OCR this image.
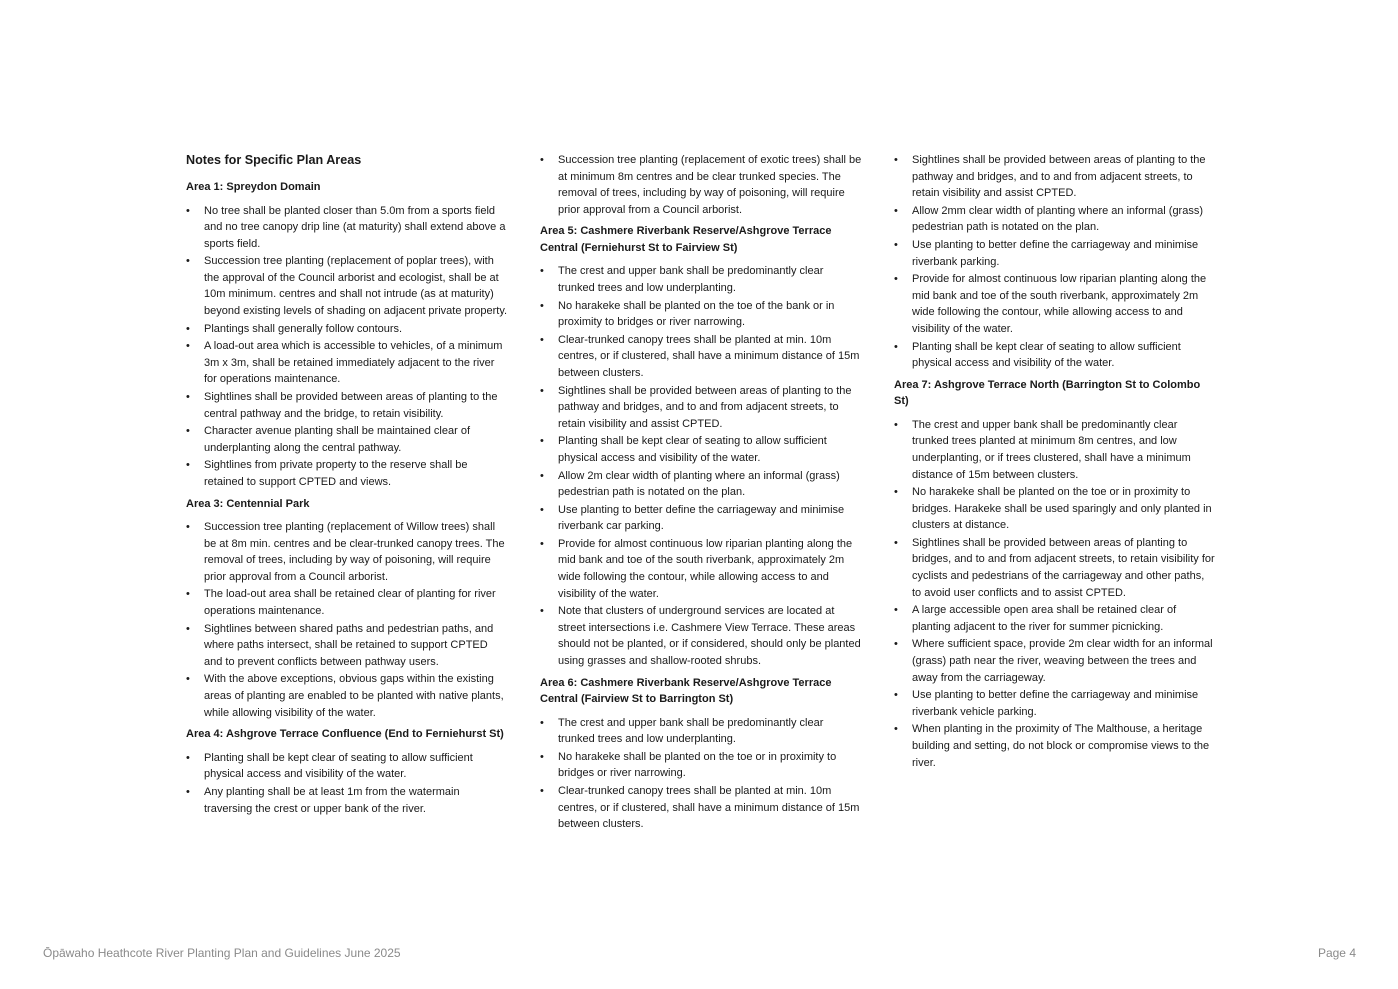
Notes for Specific Plan Areas
Area 1: Spreydon Domain
• No tree shall be planted closer than 5.0m from a sports field and no tree canopy drip line (at maturity) shall extend above a sports field.
• Succession tree planting (replacement of poplar trees), with the approval of the Council arborist and ecologist, shall be at 10m minimum. centres and shall not intrude (as at maturity) beyond existing levels of shading on adjacent private property.
• Plantings shall generally follow contours.
• A load-out area which is accessible to vehicles, of a minimum 3m x 3m, shall be retained immediately adjacent to the river for operations maintenance.
• Sightlines shall be provided between areas of planting to the central pathway and the bridge, to retain visibility.
• Character avenue planting shall be maintained clear of underplanting along the central pathway.
• Sightlines from private property to the reserve shall be retained to support CPTED and views.
Area 3: Centennial Park
• Succession tree planting (replacement of Willow trees) shall be at 8m min. centres and be clear-trunked canopy trees. The removal of trees, including by way of poisoning, will require prior approval from a Council arborist.
• The load-out area shall be retained clear of planting for river operations maintenance.
• Sightlines between shared paths and pedestrian paths, and where paths intersect, shall be retained to support CPTED and to prevent conflicts between pathway users.
• With the above exceptions, obvious gaps within the existing areas of planting are enabled to be planted with native plants, while allowing visibility of the water.
Area 4: Ashgrove Terrace Confluence (End to Ferniehurst St)
• Planting shall be kept clear of seating to allow sufficient physical access and visibility of the water.
• Any planting shall be at least 1m from the watermain traversing the crest or upper bank of the river.
• Succession tree planting (replacement of exotic trees) shall be at minimum 8m centres and be clear trunked species. The removal of trees, including by way of poisoning, will require prior approval from a Council arborist.
Area 5: Cashmere Riverbank Reserve/Ashgrove Terrace Central (Ferniehurst St to Fairview St)
• The crest and upper bank shall be predominantly clear trunked trees and low underplanting.
• No harakeke shall be planted on the toe of the bank or in proximity to bridges or river narrowing.
• Clear-trunked canopy trees shall be planted at min. 10m centres, or if clustered, shall have a minimum distance of 15m between clusters.
• Sightlines shall be provided between areas of planting to the pathway and bridges, and to and from adjacent streets, to retain visibility and assist CPTED.
• Planting shall be kept clear of seating to allow sufficient physical access and visibility of the water.
• Allow 2m clear width of planting where an informal (grass) pedestrian path is notated on the plan.
• Use planting to better define the carriageway and minimise riverbank car parking.
• Provide for almost continuous low riparian planting along the mid bank and toe of the south riverbank, approximately 2m wide following the contour, while allowing access to and visibility of the water.
• Note that clusters of underground services are located at street intersections i.e. Cashmere View Terrace. These areas should not be planted, or if considered, should only be planted using grasses and shallow-rooted shrubs.
Area 6: Cashmere Riverbank Reserve/Ashgrove Terrace Central (Fairview St to Barrington St)
• The crest and upper bank shall be predominantly clear trunked trees and low underplanting.
• No harakeke shall be planted on the toe or in proximity to bridges or river narrowing.
• Clear-trunked canopy trees shall be planted at min. 10m centres, or if clustered, shall have a minimum distance of 15m between clusters.
• Sightlines shall be provided between areas of planting to the pathway and bridges, and to and from adjacent streets, to retain visibility and assist CPTED.
• Allow 2mm clear width of planting where an informal (grass) pedestrian path is notated on the plan.
• Use planting to better define the carriageway and minimise riverbank parking.
• Provide for almost continuous low riparian planting along the mid bank and toe of the south riverbank, approximately 2m wide following the contour, while allowing access to and visibility of the water.
• Planting shall be kept clear of seating to allow sufficient physical access and visibility of the water.
Area 7: Ashgrove Terrace North (Barrington St to Colombo St)
• The crest and upper bank shall be predominantly clear trunked trees planted at minimum 8m centres, and low underplanting, or if trees clustered, shall have a minimum distance of 15m between clusters.
• No harakeke shall be planted on the toe or in proximity to bridges. Harakeke shall be used sparingly and only planted in clusters at distance.
• Sightlines shall be provided between areas of planting to bridges, and to and from adjacent streets, to retain visibility for cyclists and pedestrians of the carriageway and other paths, to avoid user conflicts and to assist CPTED.
• A large accessible open area shall be retained clear of planting adjacent to the river for summer picnicking.
• Where sufficient space, provide 2m clear width for an informal (grass) path near the river, weaving between the trees and away from the carriageway.
• Use planting to better define the carriageway and minimise riverbank vehicle parking.
• When planting in the proximity of The Malthouse, a heritage building and setting, do not block or compromise views to the river.
Ōpāwaho Heathcote River Planting Plan and Guidelines June 2025	Page 4
